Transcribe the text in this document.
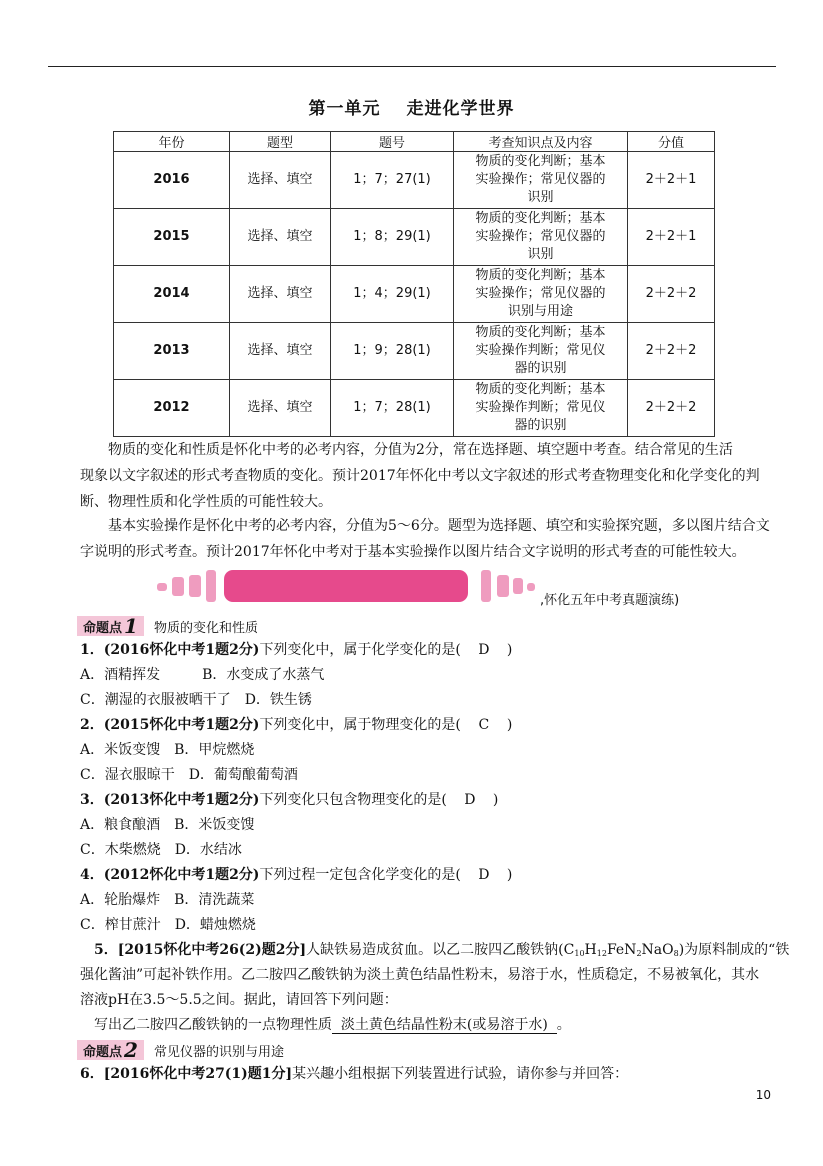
第一单元 走进化学世界
年份	题型	题号	考查知识点及内容	分值
2016	选择、填空	1；7；27(1)	物质的变化判断；基本
实验操作；常见仪器的
识别	2＋2＋1
2015	选择、填空	1；8；29(1)	物质的变化判断；基本
实验操作；常见仪器的
识别	2＋2＋1
2014	选择、填空	1；4；29(1)	物质的变化判断；基本
实验操作；常见仪器的
识别与用途	2＋2＋2
2013	选择、填空	1；9；28(1)	物质的变化判断；基本
实验操作判断；常见仪
器的识别	2＋2＋2
2012	选择、填空	1；7；28(1)	物质的变化判断；基本
实验操作判断；常见仪
器的识别	2＋2＋2
物质的变化和性质是怀化中考的必考内容，分值为2分，常在选择题、填空题中考查。结合常见的生活
现象以文字叙述的形式考查物质的变化。预计2017年怀化中考以文字叙述的形式考查物理变化和化学变化的判
断、物理性质和化学性质的可能性较大。
基本实验操作是怀化中考的必考内容，分值为5～6分。题型为选择题、填空和实验探究题，多以图片结合文
字说明的形式考查。预计2017年怀化中考对于基本实验操作以图片结合文字说明的形式考查的可能性较大。
,怀化五年中考真题演练)
命题点 1 物质的变化和性质
1．(2016怀化中考1题2分)下列变化中，属于化学变化的是( D )
A．酒精挥发　　　B．水变成了水蒸气
C．潮湿的衣服被晒干了　D．铁生锈
2．(2015怀化中考1题2分)下列变化中，属于物理变化的是( C )
A．米饭变馊　B．甲烷燃烧
C．湿衣服晾干　D．葡萄酿葡萄酒
3．(2013怀化中考1题2分)下列变化只包含物理变化的是( D )
A．粮食酿酒　B．米饭变馊
C．木柴燃烧　D．水结冰
4．(2012怀化中考1题2分)下列过程一定包含化学变化的是( D )
A．轮胎爆炸　B．清洗蔬菜
C．榨甘蔗汁　D．蜡烛燃烧
5．[2015怀化中考26(2)题2分]人缺铁易造成贫血。以乙二胺四乙酸铁钠$(C_{10}H_{12}FeN_2NaO_8)$为原料制成的“铁
强化酱油”可起补铁作用。乙二胺四乙酸铁钠为淡土黄色结晶性粉末，易溶于水，性质稳定，不易被氧化，其水
溶液pH在3.5～5.5之间。据此，请回答下列问题：
写出乙二胺四乙酸铁钠的一点物理性质 淡土黄色结晶性粉末(或易溶于水) 。
命题点 2 常见仪器的识别与用途
6．[2016怀化中考27(1)题1分]某兴趣小组根据下列装置进行试验，请你参与并回答：
10
